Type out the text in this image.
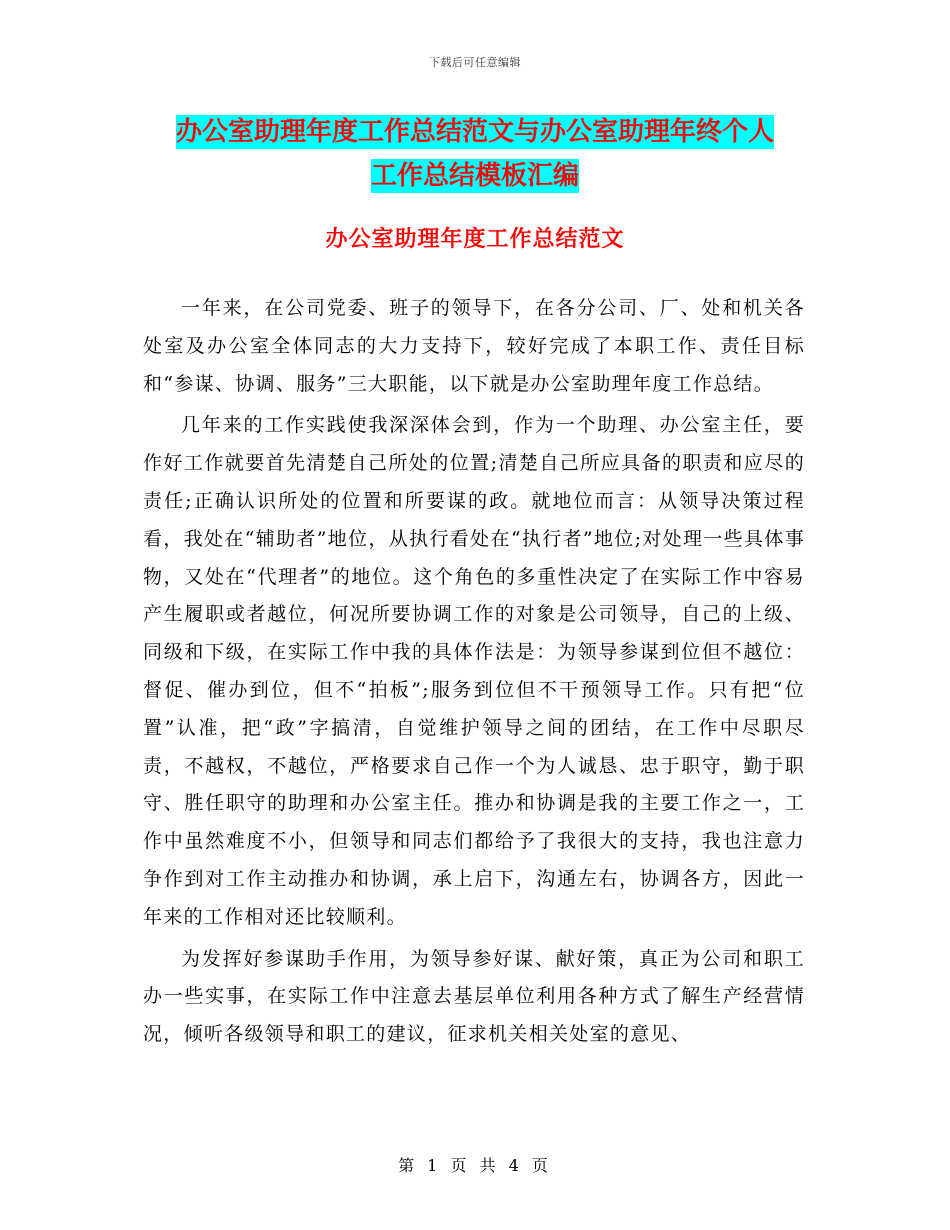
下载后可任意编辑
办公室助理年度工作总结范文与办公室助理年终个人
工作总结模板汇编
办公室助理年度工作总结范文

一年来，在公司党委、班子的领导下，在各分公司、厂、处和机关各处室及办公室全体同志的大力支持下，较好完成了本职工作、责任目标和“参谋、协调、服务”三大职能，以下就是办公室助理年度工作总结。

几年来的工作实践使我深深体会到，作为一个助理、办公室主任，要作好工作就要首先清楚自己所处的位置;清楚自己所应具备的职责和应尽的责任;正确认识所处的位置和所要谋的政。就地位而言：从领导决策过程看，我处在“辅助者”地位，从执行看处在“执行者”地位;对处理一些具体事物，又处在“代理者”的地位。这个角色的多重性决定了在实际工作中容易产生履职或者越位，何况所要协调工作的对象是公司领导，自己的上级、同级和下级，在实际工作中我的具体作法是：为领导参谋到位但不越位：督促、催办到位，但不“拍板”;服务到位但不干预领导工作。只有把“位置”认准，把“政”字搞清，自觉维护领导之间的团结，在工作中尽职尽责，不越权，不越位，严格要求自己作一个为人诚恳、忠于职守，勤于职守、胜任职守的助理和办公室主任。推办和协调是我的主要工作之一，工作中虽然难度不小，但领导和同志们都给予了我很大的支持，我也注意力争作到对工作主动推办和协调，承上启下，沟通左右，协调各方，因此一年来的工作相对还比较顺利。

为发挥好参谋助手作用，为领导参好谋、献好策，真正为公司和职工办一些实事，在实际工作中注意去基层单位利用各种方式了解生产经营情况，倾听各级领导和职工的建议，征求机关相关处室的意见、

第 1 页 共 4 页
